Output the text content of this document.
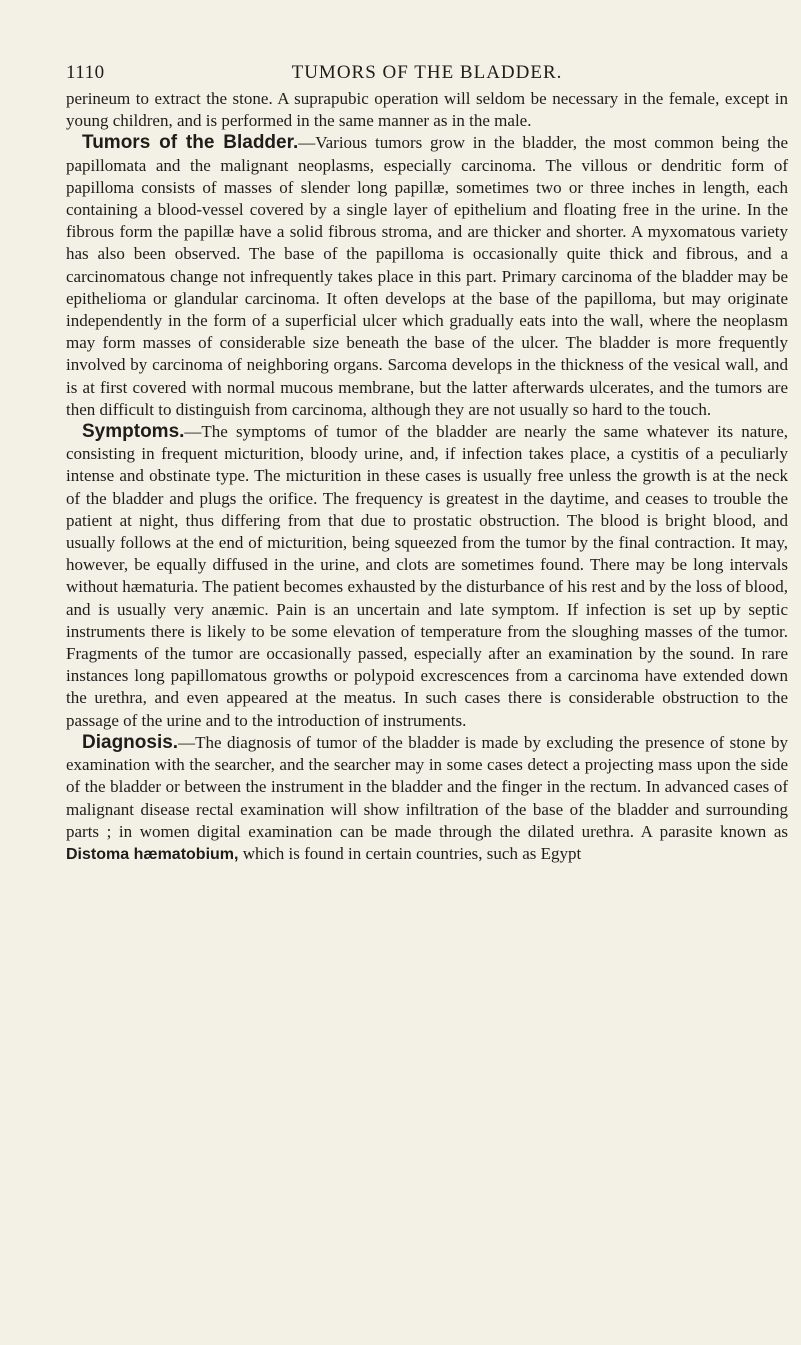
1110	TUMORS OF THE BLADDER.

perineum to extract the stone. A suprapubic operation will seldom be necessary in the female, except in young children, and is performed in the same manner as in the male.

Tumors of the Bladder.—Various tumors grow in the bladder, the most common being the papillomata and the malignant neoplasms, especially carcinoma. The villous or dendritic form of papilloma consists of masses of slender long papillæ, sometimes two or three inches in length, each containing a blood-vessel covered by a single layer of epithelium and floating free in the urine. In the fibrous form the papillæ have a solid fibrous stroma, and are thicker and shorter. A myxomatous variety has also been observed. The base of the papilloma is occasionally quite thick and fibrous, and a carcinomatous change not infrequently takes place in this part. Primary carcinoma of the bladder may be epithelioma or glandular carcinoma. It often develops at the base of the papilloma, but may originate independently in the form of a superficial ulcer which gradually eats into the wall, where the neoplasm may form masses of considerable size beneath the base of the ulcer. The bladder is more frequently involved by carcinoma of neighboring organs. Sarcoma develops in the thickness of the vesical wall, and is at first covered with normal mucous membrane, but the latter afterwards ulcerates, and the tumors are then difficult to distinguish from carcinoma, although they are not usually so hard to the touch.

Symptoms.—The symptoms of tumor of the bladder are nearly the same whatever its nature, consisting in frequent micturition, bloody urine, and, if infection takes place, a cystitis of a peculiarly intense and obstinate type. The micturition in these cases is usually free unless the growth is at the neck of the bladder and plugs the orifice. The frequency is greatest in the daytime, and ceases to trouble the patient at night, thus differing from that due to prostatic obstruction. The blood is bright blood, and usually follows at the end of micturition, being squeezed from the tumor by the final contraction. It may, however, be equally diffused in the urine, and clots are sometimes found. There may be long intervals without hæmaturia. The patient becomes exhausted by the disturbance of his rest and by the loss of blood, and is usually very anæmic. Pain is an uncertain and late symptom. If infection is set up by septic instruments there is likely to be some elevation of temperature from the sloughing masses of the tumor. Fragments of the tumor are occasionally passed, especially after an examination by the sound. In rare instances long papillomatous growths or polypoid excrescences from a carcinoma have extended down the urethra, and even appeared at the meatus. In such cases there is considerable obstruction to the passage of the urine and to the introduction of instruments.

Diagnosis.—The diagnosis of tumor of the bladder is made by excluding the presence of stone by examination with the searcher, and the searcher may in some cases detect a projecting mass upon the side of the bladder or between the instrument in the bladder and the finger in the rectum. In advanced cases of malignant disease rectal examination will show infiltration of the base of the bladder and surrounding parts ; in women digital examination can be made through the dilated urethra. A parasite known as Distoma hæmatobium, which is found in certain countries, such as Egypt
